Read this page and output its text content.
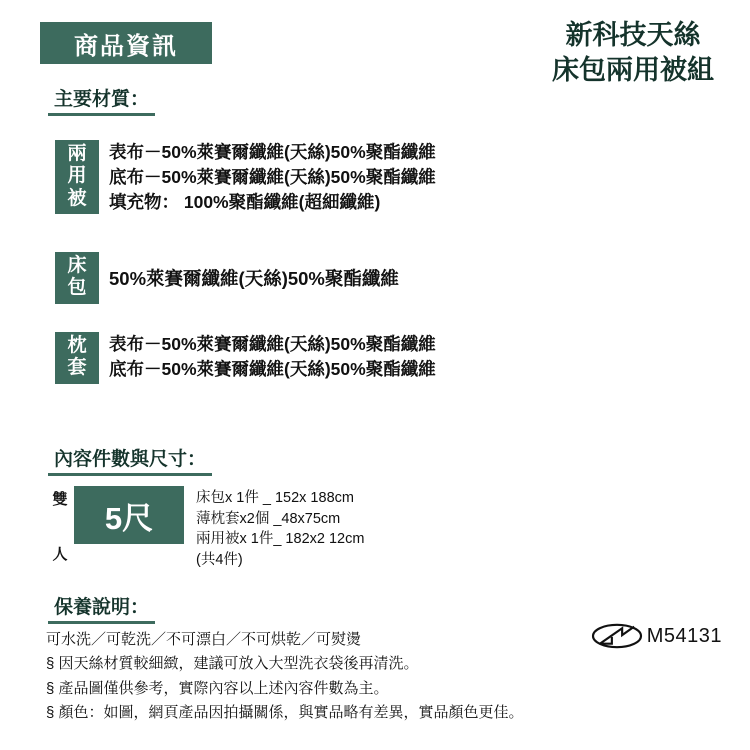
商品資訊	新科技天絲
床包兩用被組
主要材質：
兩
用
被
表布－50%萊賽爾纖維(天絲)50%聚酯纖維
底布－50%萊賽爾纖維(天絲)50%聚酯纖維
填充物： 100%聚酯纖維(超細纖維)
床
包	50%萊賽爾纖維(天絲)50%聚酯纖維
枕
套
表布－50%萊賽爾纖維(天絲)50%聚酯纖維
底布－50%萊賽爾纖維(天絲)50%聚酯纖維
內容件數與尺寸：
雙
人
5尺
床包x 1件 _ 152x 188cm
薄枕套x2個 _48x75cm
兩用被x 1件_ 182x2 12cm
(共4件)
保養說明：
可水洗／可乾洗／不可漂白／不可烘乾／可熨燙
§ 因天絲材質較細緻，建議可放入大型洗衣袋後再清洗。
§ 產品圖僅供參考，實際內容以上述內容件數為主。
§ 顏色：如圖，網頁產品因拍攝關係，與實品略有差異，實品顏色更佳。
M54131
